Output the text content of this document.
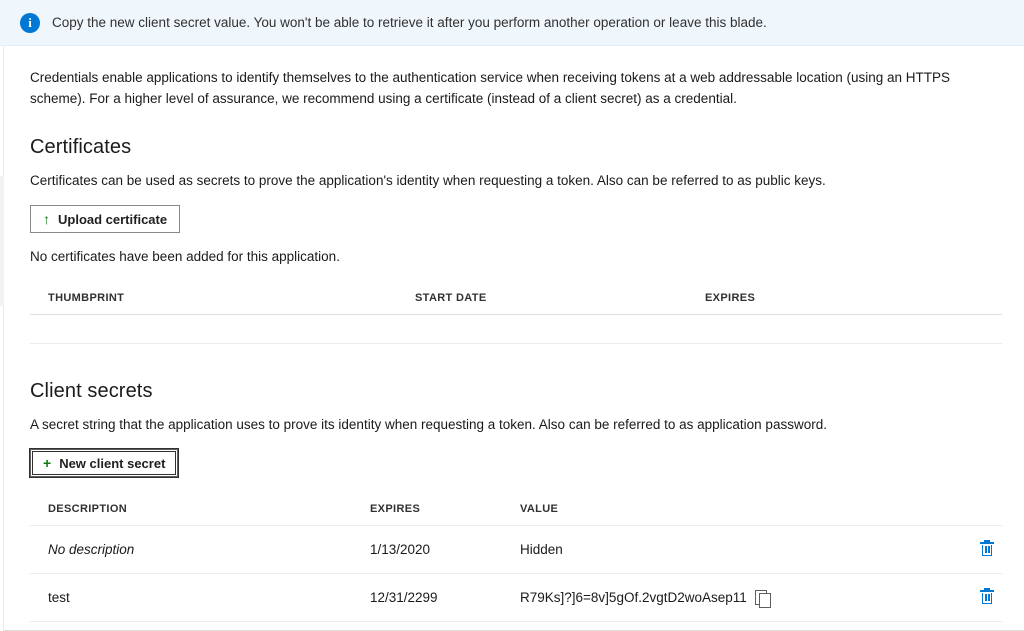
i	Copy the new client secret value. You won't be able to retrieve it after you perform another operation or leave this blade.

Credentials enable applications to identify themselves to the authentication service when receiving tokens at a web addressable location (using an HTTPS scheme). For a higher level of assurance, we recommend using a certificate (instead of a client secret) as a credential.

Certificates

Certificates can be used as secrets to prove the application's identity when requesting a token. Also can be referred to as public keys.

↑ Upload certificate

No certificates have been added for this application.

THUMBPRINT	START DATE	EXPIRES

Client secrets

A secret string that the application uses to prove its identity when requesting a token. Also can be referred to as application password.

+ New client secret
DESCRIPTION	EXPIRES	VALUE	
No description	1/13/2020	Hidden	

test	12/31/2299	R79Ks]?]6=8v]5gOf.2vgtD2woAsep11	
